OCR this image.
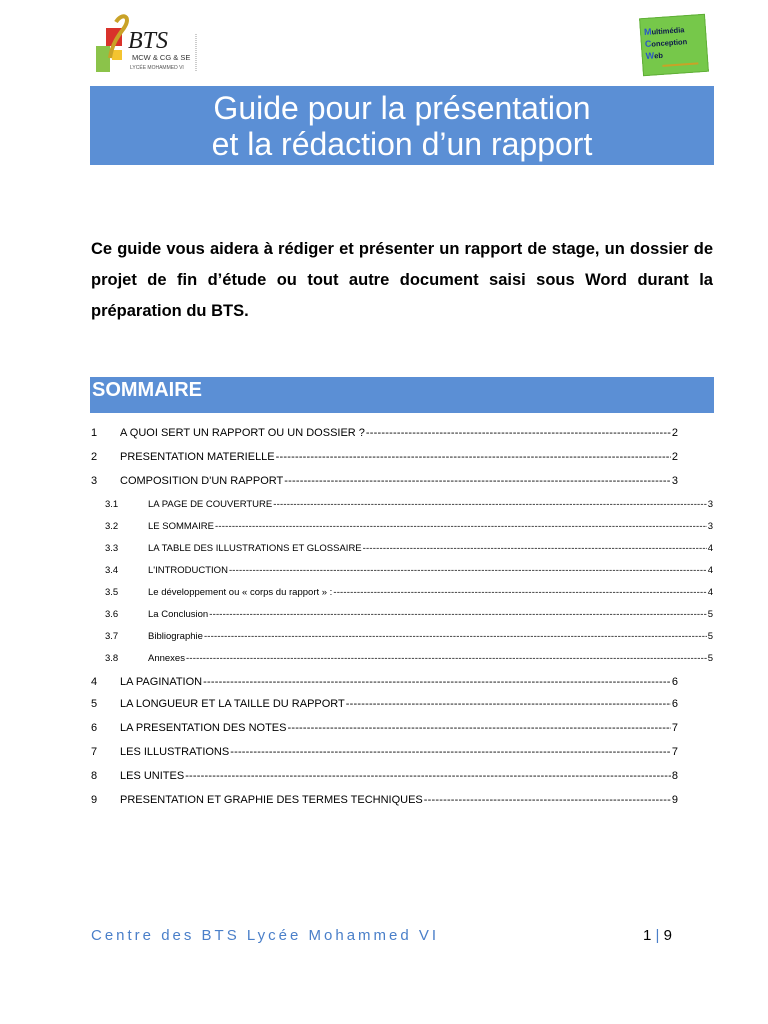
BTS
MCW & CG & SE
LYCÉE MOHAMMED VI
Multimédia
Conception
Web
Guide pour la présentation
et la rédaction d’un rapport
Ce guide vous aidera à rédiger et présenter un rapport de stage, un dossier de projet de fin d’étude ou tout autre document saisi sous Word durant la préparation du BTS.
SOMMAIRE
1	A QUOI SERT UN RAPPORT OU UN DOSSIER ? -----	2
2	PRESENTATION MATERIELLE -----	2
3	COMPOSITION D'UN RAPPORT -----	3
3.1	LA PAGE DE COUVERTURE -----	3
3.2	LE SOMMAIRE -----	3
3.3	LA TABLE DES ILLUSTRATIONS ET GLOSSAIRE -----	4
3.4	L'INTRODUCTION -----	4
3.5	Le développement ou « corps du rapport » : -----	4
3.6	La Conclusion -----	5
3.7	Bibliographie -----	5
3.8	Annexes -----	5
4	LA PAGINATION -----	6
5	LA LONGUEUR ET LA TAILLE DU RAPPORT -----	6
6	LA PRESENTATION DES NOTES -----	7
7	LES ILLUSTRATIONS -----	7
8	LES UNITES -----	8
9	PRESENTATION ET GRAPHIE DES TERMES TECHNIQUES -----	9
Centre des BTS Lycée Mohammed VI	1 | 9
